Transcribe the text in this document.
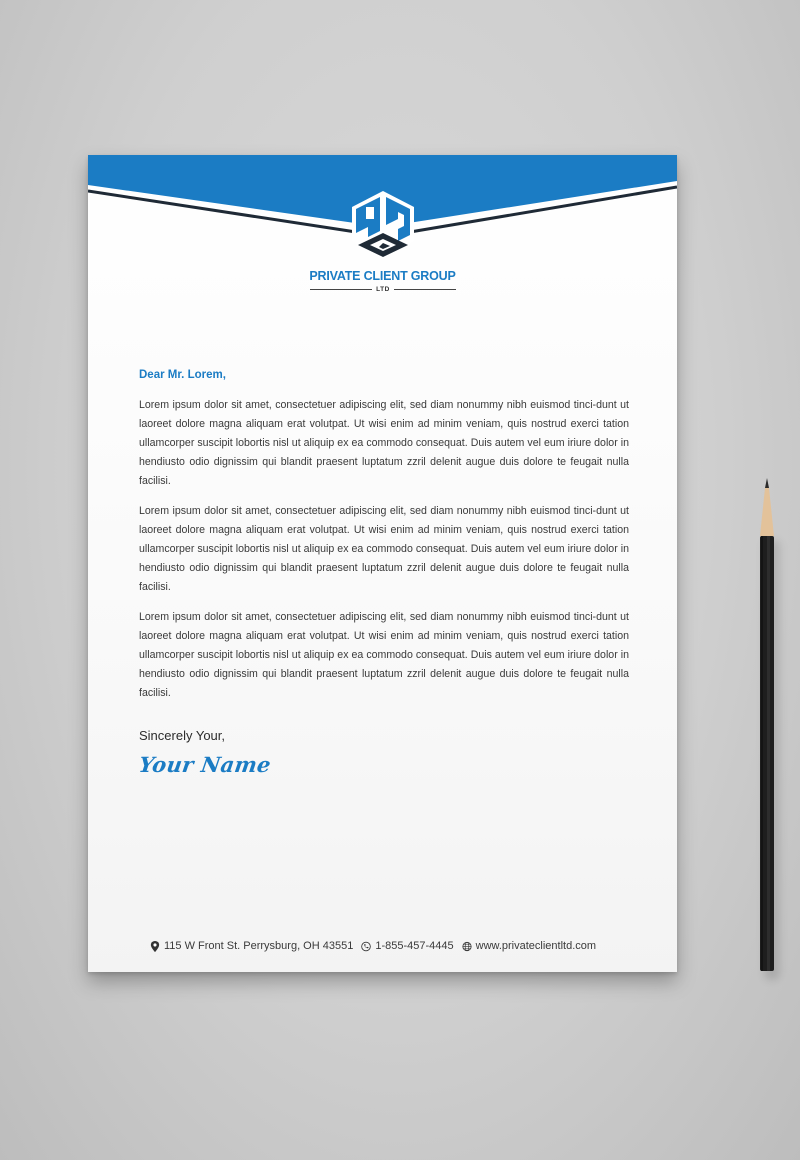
PRIVATE CLIENT GROUP
LTD
Dear Mr. Lorem,
Lorem ipsum dolor sit amet, consectetuer adipiscing elit, sed diam nonummy nibh euismod tinci-dunt ut laoreet dolore magna aliquam erat volutpat. Ut wisi enim ad minim veniam, quis nostrud exerci tation ullamcorper suscipit lobortis nisl ut aliquip ex ea commodo consequat. Duis autem vel eum iriure dolor in hendiusto odio dignissim qui blandit praesent luptatum zzril delenit augue duis dolore te feugait nulla facilisi.
Lorem ipsum dolor sit amet, consectetuer adipiscing elit, sed diam nonummy nibh euismod tinci-dunt ut laoreet dolore magna aliquam erat volutpat. Ut wisi enim ad minim veniam, quis nostrud exerci tation ullamcorper suscipit lobortis nisl ut aliquip ex ea commodo consequat. Duis autem vel eum iriure dolor in hendiusto odio dignissim qui blandit praesent luptatum zzril delenit augue duis dolore te feugait nulla facilisi.
Lorem ipsum dolor sit amet, consectetuer adipiscing elit, sed diam nonummy nibh euismod tinci-dunt ut laoreet dolore magna aliquam erat volutpat. Ut wisi enim ad minim veniam, quis nostrud exerci tation ullamcorper suscipit lobortis nisl ut aliquip ex ea commodo consequat. Duis autem vel eum iriure dolor in hendiusto odio dignissim qui blandit praesent luptatum zzril delenit augue duis dolore te feugait nulla facilisi.
Sincerely Your,
Your Name
115 W Front St. Perrysburg, OH 43551 1-855-457-4445 www.privateclientltd.com
